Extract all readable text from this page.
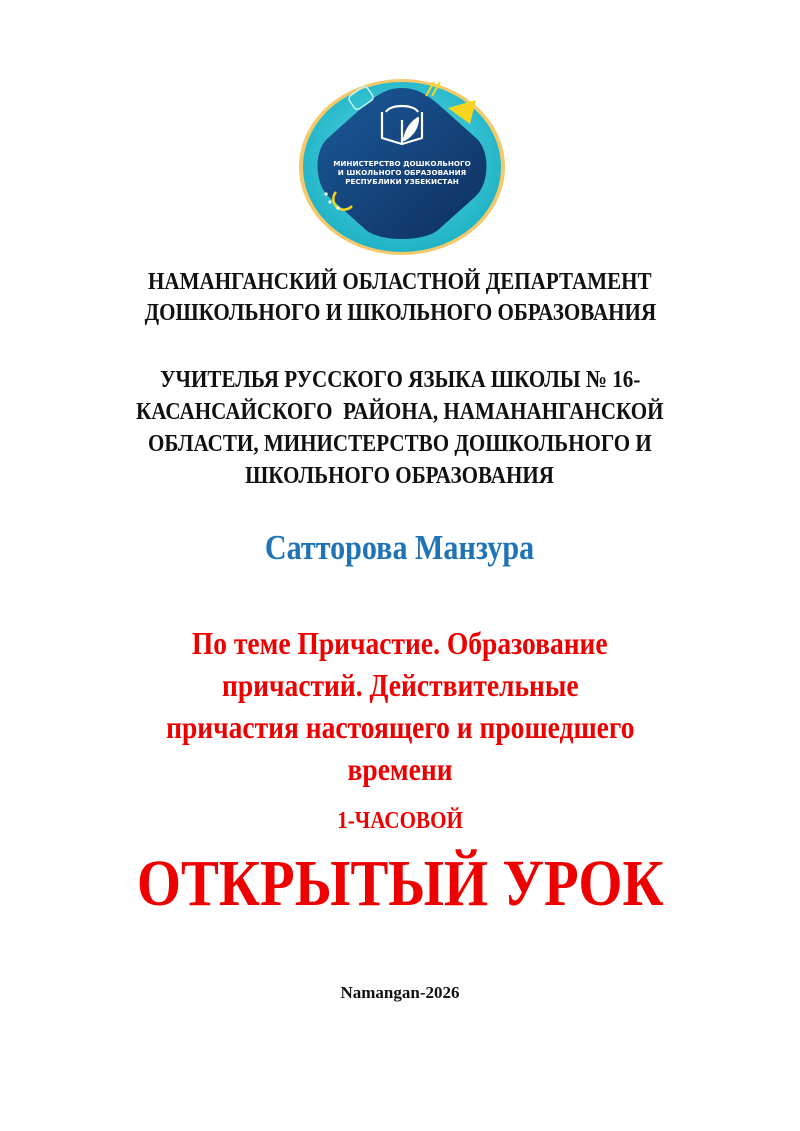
МИНИСТЕРСТВО ДОШКОЛЬНОГО
И ШКОЛЬНОГО ОБРАЗОВАНИЯ
РЕСПУБЛИКИ УЗБЕКИСТАН
НАМАНГАНСКИЙ ОБЛАСТНОЙ ДЕПАРТАМЕНТ
ДОШКОЛЬНОГО И ШКОЛЬНОГО ОБРАЗОВАНИЯ
УЧИТЕЛЬЯ РУССКОГО ЯЗЫКА ШКОЛЫ № 16-
КАСАНСАЙСКОГО  РАЙОНА, НАМАНАНГАНСКОЙ
ОБЛАСТИ, МИНИСТЕРСТВО ДОШКОЛЬНОГО И
ШКОЛЬНОГО ОБРАЗОВАНИЯ
Сатторова Манзура
По теме Причастие. Образование
причастий. Действительные
причастия настоящего и прошедшего
времени
1-ЧАСОВОЙ
ОТКРЫТЫЙ УРОК
Namangan-2026
